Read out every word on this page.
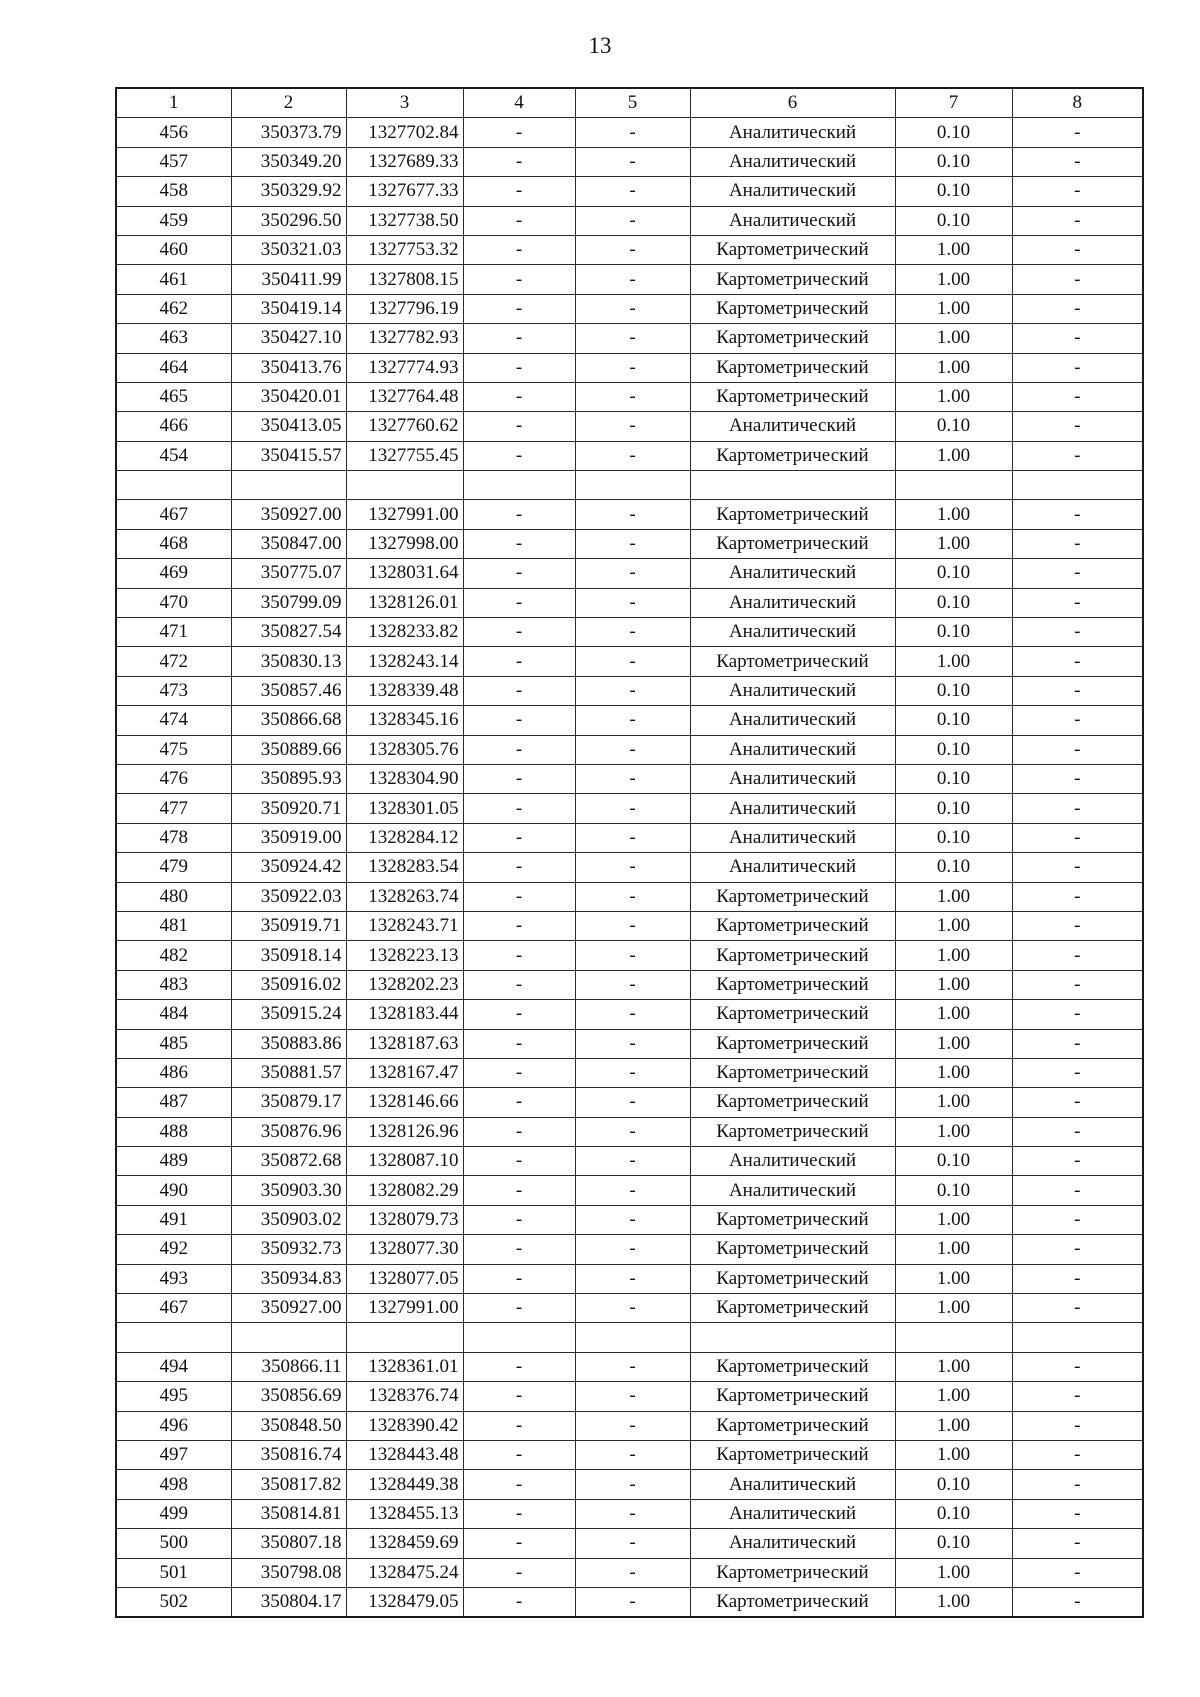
13
1	2	3	4	5	6	7	8
456	350373.79	1327702.84	-	-	Аналитический	0.10	-
457	350349.20	1327689.33	-	-	Аналитический	0.10	-
458	350329.92	1327677.33	-	-	Аналитический	0.10	-
459	350296.50	1327738.50	-	-	Аналитический	0.10	-
460	350321.03	1327753.32	-	-	Картометрический	1.00	-
461	350411.99	1327808.15	-	-	Картометрический	1.00	-
462	350419.14	1327796.19	-	-	Картометрический	1.00	-
463	350427.10	1327782.93	-	-	Картометрический	1.00	-
464	350413.76	1327774.93	-	-	Картометрический	1.00	-
465	350420.01	1327764.48	-	-	Картометрический	1.00	-
466	350413.05	1327760.62	-	-	Аналитический	0.10	-
454	350415.57	1327755.45	-	-	Картометрический	1.00	-

467	350927.00	1327991.00	-	-	Картометрический	1.00	-
468	350847.00	1327998.00	-	-	Картометрический	1.00	-
469	350775.07	1328031.64	-	-	Аналитический	0.10	-
470	350799.09	1328126.01	-	-	Аналитический	0.10	-
471	350827.54	1328233.82	-	-	Аналитический	0.10	-
472	350830.13	1328243.14	-	-	Картометрический	1.00	-
473	350857.46	1328339.48	-	-	Аналитический	0.10	-
474	350866.68	1328345.16	-	-	Аналитический	0.10	-
475	350889.66	1328305.76	-	-	Аналитический	0.10	-
476	350895.93	1328304.90	-	-	Аналитический	0.10	-
477	350920.71	1328301.05	-	-	Аналитический	0.10	-
478	350919.00	1328284.12	-	-	Аналитический	0.10	-
479	350924.42	1328283.54	-	-	Аналитический	0.10	-
480	350922.03	1328263.74	-	-	Картометрический	1.00	-
481	350919.71	1328243.71	-	-	Картометрический	1.00	-
482	350918.14	1328223.13	-	-	Картометрический	1.00	-
483	350916.02	1328202.23	-	-	Картометрический	1.00	-
484	350915.24	1328183.44	-	-	Картометрический	1.00	-
485	350883.86	1328187.63	-	-	Картометрический	1.00	-
486	350881.57	1328167.47	-	-	Картометрический	1.00	-
487	350879.17	1328146.66	-	-	Картометрический	1.00	-
488	350876.96	1328126.96	-	-	Картометрический	1.00	-
489	350872.68	1328087.10	-	-	Аналитический	0.10	-
490	350903.30	1328082.29	-	-	Аналитический	0.10	-
491	350903.02	1328079.73	-	-	Картометрический	1.00	-
492	350932.73	1328077.30	-	-	Картометрический	1.00	-
493	350934.83	1328077.05	-	-	Картометрический	1.00	-
467	350927.00	1327991.00	-	-	Картометрический	1.00	-

494	350866.11	1328361.01	-	-	Картометрический	1.00	-
495	350856.69	1328376.74	-	-	Картометрический	1.00	-
496	350848.50	1328390.42	-	-	Картометрический	1.00	-
497	350816.74	1328443.48	-	-	Картометрический	1.00	-
498	350817.82	1328449.38	-	-	Аналитический	0.10	-
499	350814.81	1328455.13	-	-	Аналитический	0.10	-
500	350807.18	1328459.69	-	-	Аналитический	0.10	-
501	350798.08	1328475.24	-	-	Картометрический	1.00	-
502	350804.17	1328479.05	-	-	Картометрический	1.00	-
